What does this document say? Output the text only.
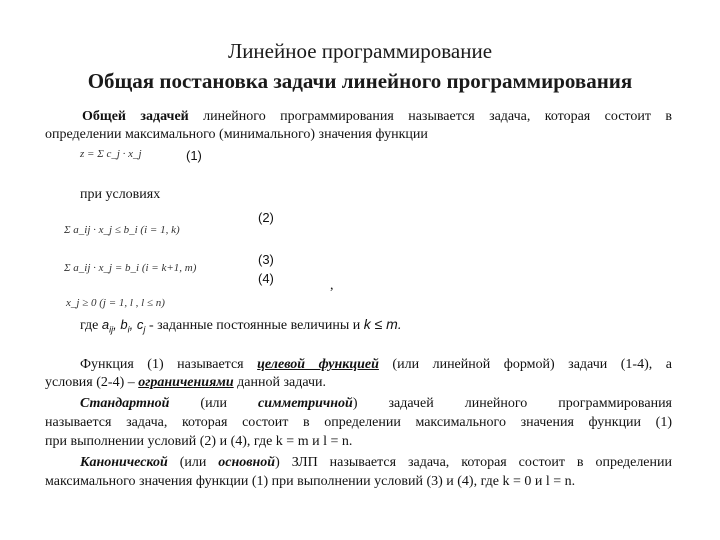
Линейное программирование
Общая постановка задачи линейного программирования
Общей задачей линейного программирования называется задача, которая состоит в
определении максимального (минимального) значения функции
z = Σ c_j · x_j	(1)
при условиях
(2)
Σ a_ij · x_j ≤ b_i (i = 1, k)
(3)
Σ a_ij · x_j = b_i (i = k+1, m)
(4)	,
x_j ≥ 0 (j = 1, l , l ≤ n)
где $a_{ij}$, $b_i$, $c_j$ - заданные постоянные величины и k ≤ m.
Функция (1) называется целевой функцией (или линейной формой) задачи (1-4), а
условия (2-4) – ограничениями данной задачи.
Стандартной (или симметричной) задачей линейного программирования
называется задача, которая состоит в определении максимального значения функции (1)
при выполнении условий (2) и (4), где k = m и l = n.
Канонической (или основной) ЗЛП называется задача, которая состоит в определении
максимального значения функции (1) при выполнении условий (3) и (4), где k = 0 и l = n.
